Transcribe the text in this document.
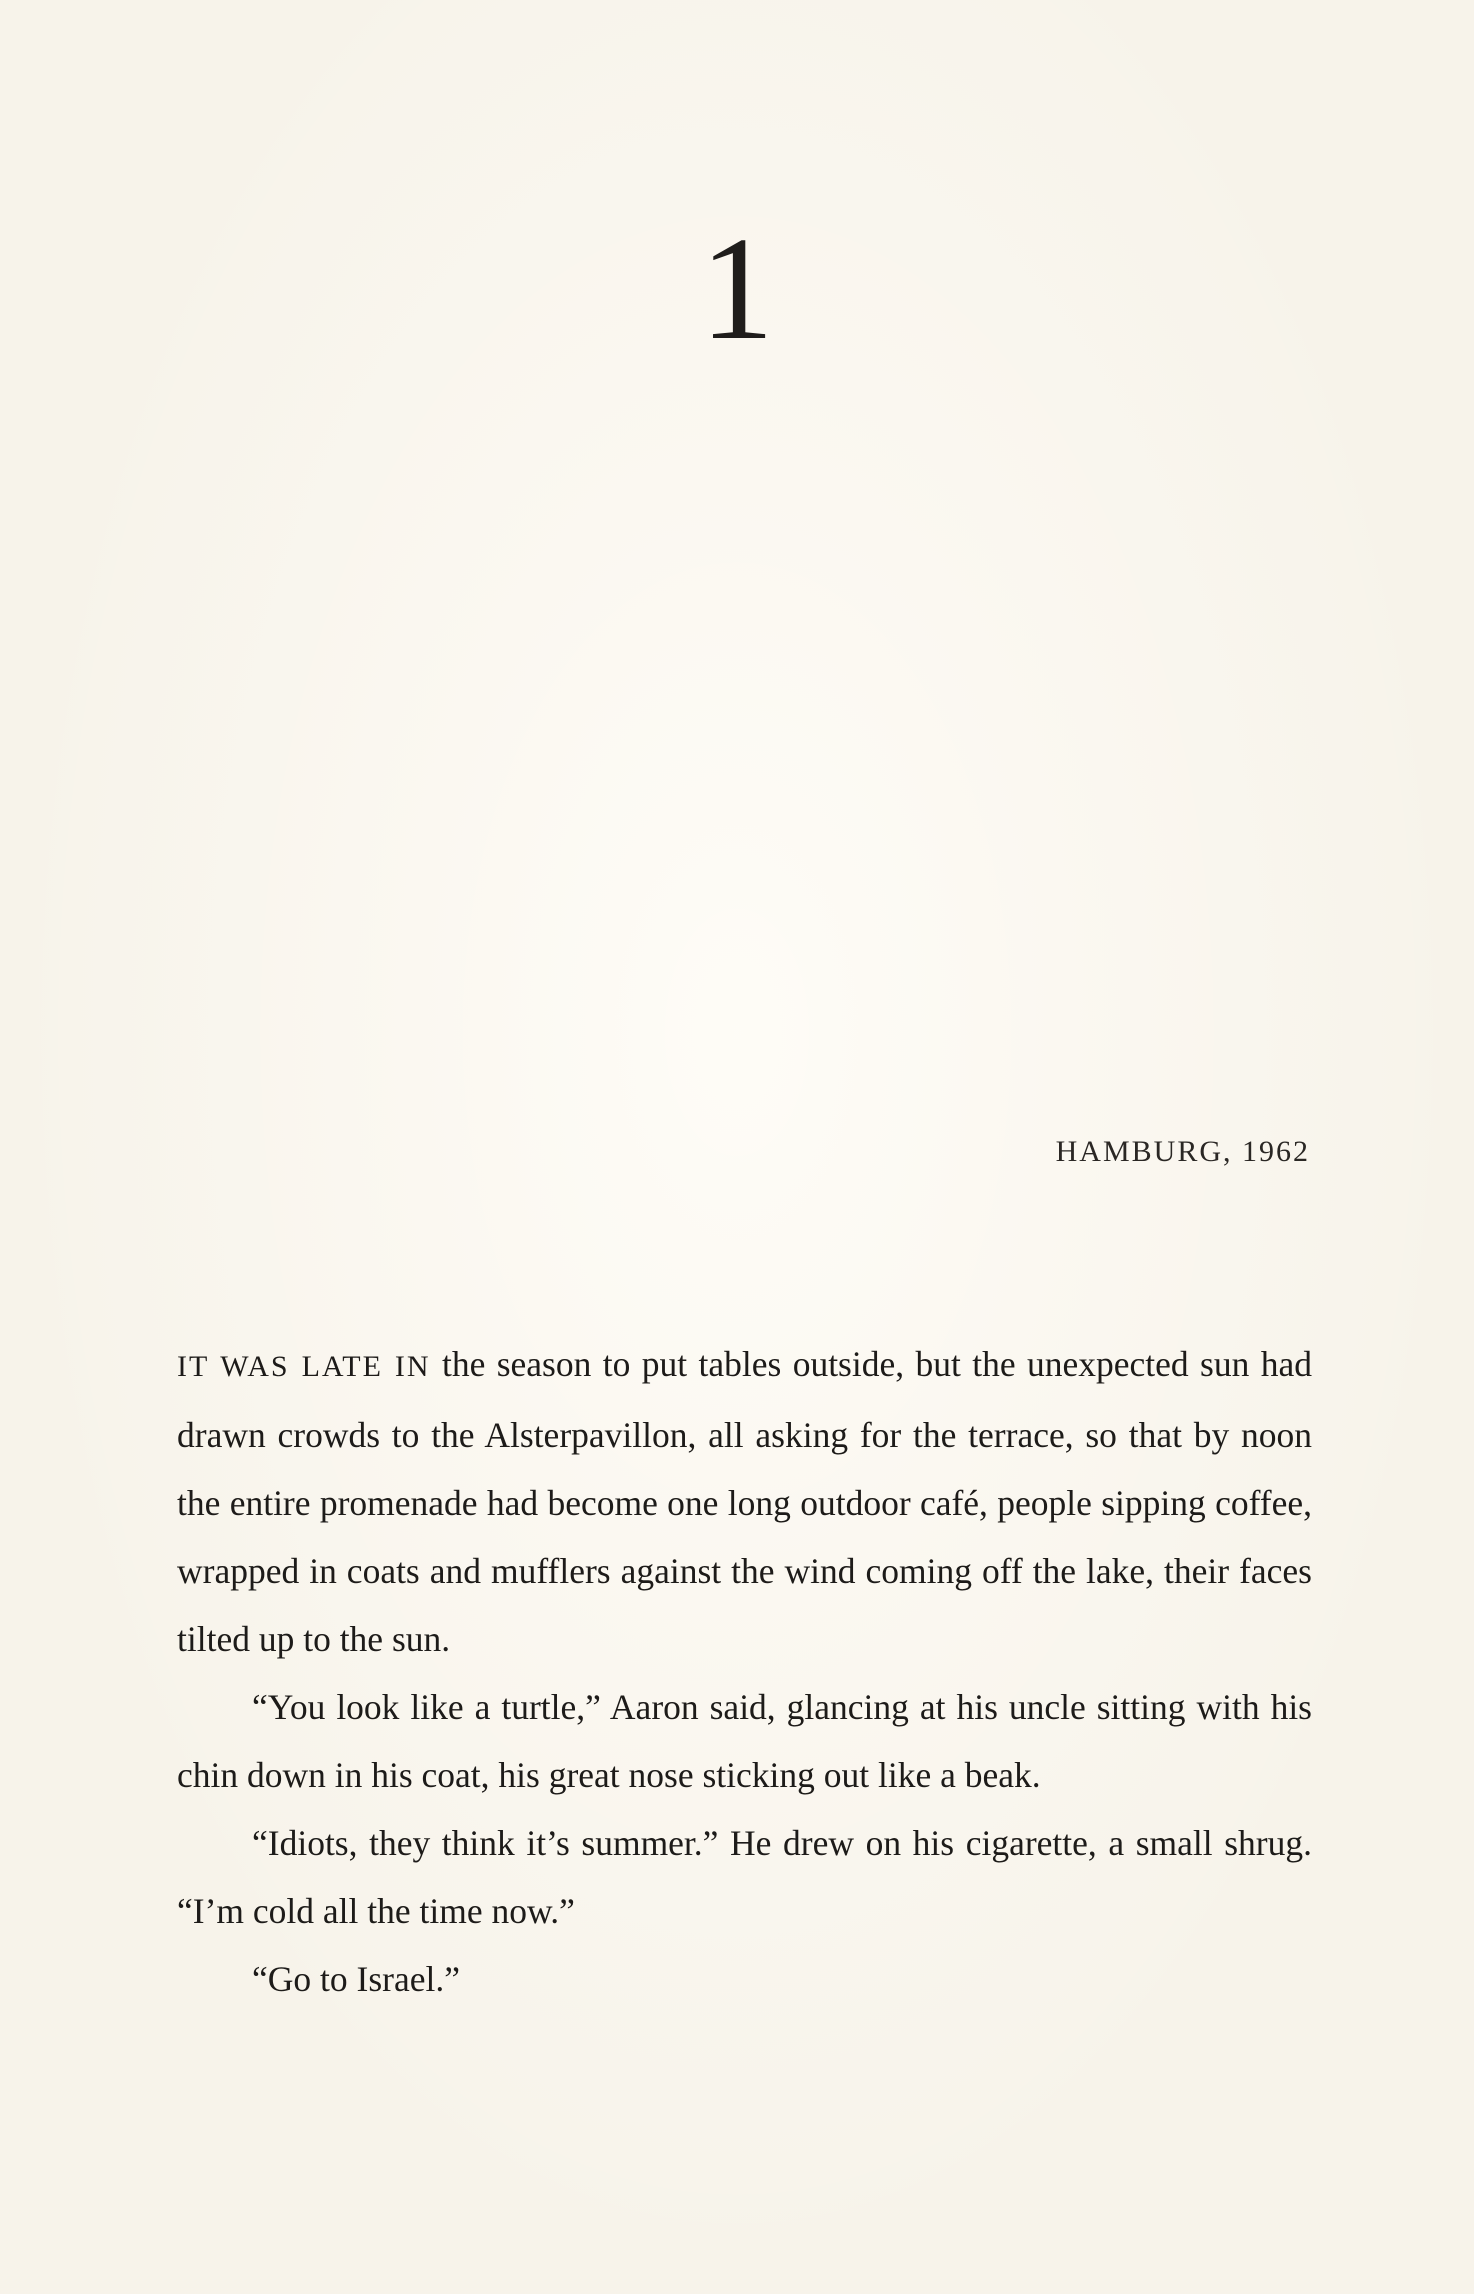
1
HAMBURG, 1962

IT WAS LATE IN the season to put tables outside, but the unexpected sun had drawn crowds to the Alsterpavillon, all asking for the terrace, so that by noon the entire promenade had become one long outdoor café, people sipping coffee, wrapped in coats and mufflers against the wind coming off the lake, their faces tilted up to the sun.

“You look like a turtle,” Aaron said, glancing at his uncle sitting with his chin down in his coat, his great nose sticking out like a beak.

“Idiots, they think it’s summer.” He drew on his cigarette, a small shrug. “I’m cold all the time now.”

“Go to Israel.”
